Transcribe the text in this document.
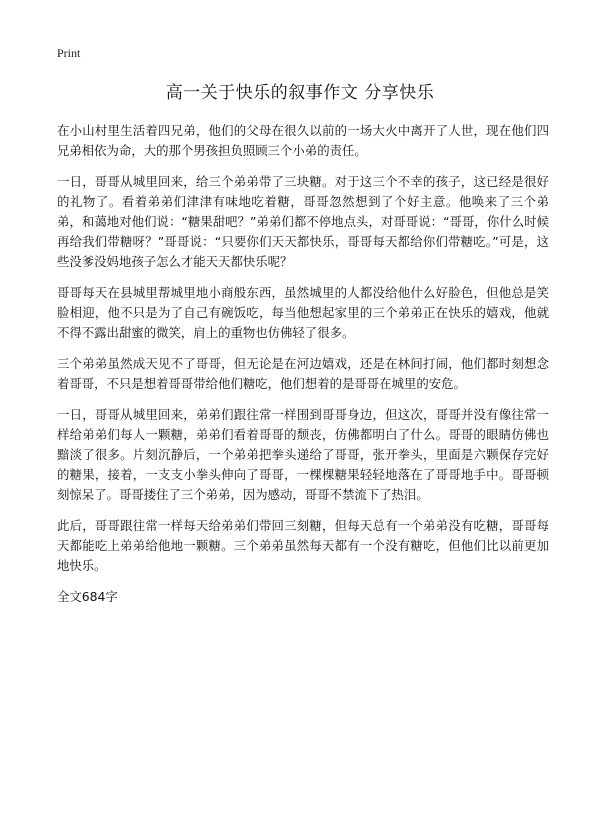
Print
高一关于快乐的叙事作文 分享快乐

在小山村里生活着四兄弟，他们的父母在很久以前的一场大火中离开了人世，现在他们四兄弟相依为命，大的那个男孩担负照顾三个小弟的责任。

一日，哥哥从城里回来，给三个弟弟带了三块糖。对于这三个不幸的孩子，这已经是很好的礼物了。看着弟弟们津津有味地吃着糖，哥哥忽然想到了个好主意。他唤来了三个弟弟，和蔼地对他们说：“糖果甜吧？”弟弟们都不停地点头，对哥哥说：“哥哥，你什么时候再给我们带糖呀？”哥哥说：“只要你们天天都快乐，哥哥每天都给你们带糖吃。”可是，这些没爹没妈地孩子怎么才能天天都快乐呢？

哥哥每天在县城里帮城里地小商般东西，虽然城里的人都没给他什么好脸色，但他总是笑脸相迎，他不只是为了自己有碗饭吃，每当他想起家里的三个弟弟正在快乐的嬉戏，他就不得不露出甜蜜的微笑，肩上的重物也仿佛轻了很多。

三个弟弟虽然成天见不了哥哥，但无论是在河边嬉戏，还是在林间打闹，他们都时刻想念着哥哥，不只是想着哥哥带给他们糖吃，他们想着的是哥哥在城里的安危。

一日，哥哥从城里回来，弟弟们跟往常一样围到哥哥身边，但这次，哥哥并没有像往常一样给弟弟们每人一颗糖，弟弟们看着哥哥的颓丧，仿佛都明白了什么。哥哥的眼睛仿佛也黯淡了很多。片刻沉静后，一个弟弟把拳头递给了哥哥，张开拳头，里面是六颗保存完好的糖果，接着，一支支小拳头伸向了哥哥，一棵棵糖果轻轻地落在了哥哥地手中。哥哥顿刻惊呆了。哥哥搂住了三个弟弟，因为感动，哥哥不禁流下了热泪。

此后，哥哥跟往常一样每天给弟弟们带回三刻糖，但每天总有一个弟弟没有吃糖，哥哥每天都能吃上弟弟给他地一颗糖。三个弟弟虽然每天都有一个没有糖吃，但他们比以前更加地快乐。

全文684字
